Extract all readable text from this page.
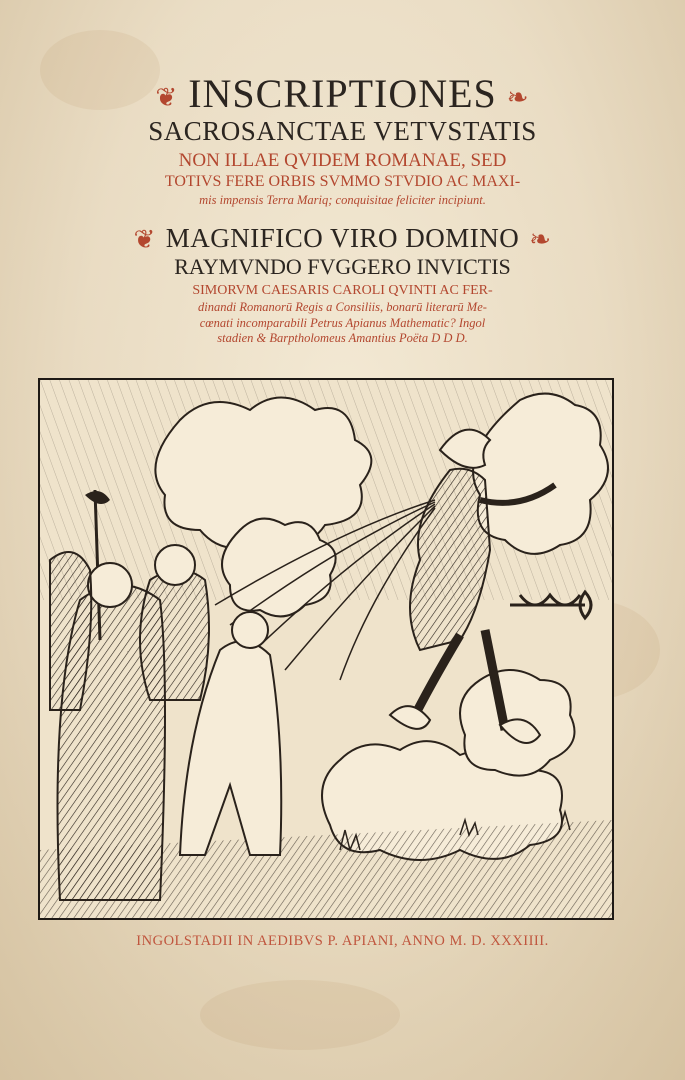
❦ INSCRIPTIONES ❧
SACROSANCTAE VETVSTATIS
NON ILLAE QVIDEM ROMANAE, SED
TOTIVS FERE ORBIS SVMMO STVDIO AC MAXI-
mis impensis Terra Mariq; conquisitae feliciter incipiunt.
❦ MAGNIFICO VIRO DOMINO ❧
RAYMVNDO FVGGERO INVICTIS
SIMORVM CAESARIS CAROLI QVINTI AC FER-
dinandi Romanorū Regis a Consiliis, bonarū literarū Me-
cœnati incomparabili Petrus Apianus Mathematic? Ingol
stadien & Barptholomeus Amantius Poëta D D D.
INGOLSTADII IN AEDIBVS P. APIANI, ANNO M. D. XXXIIII.
